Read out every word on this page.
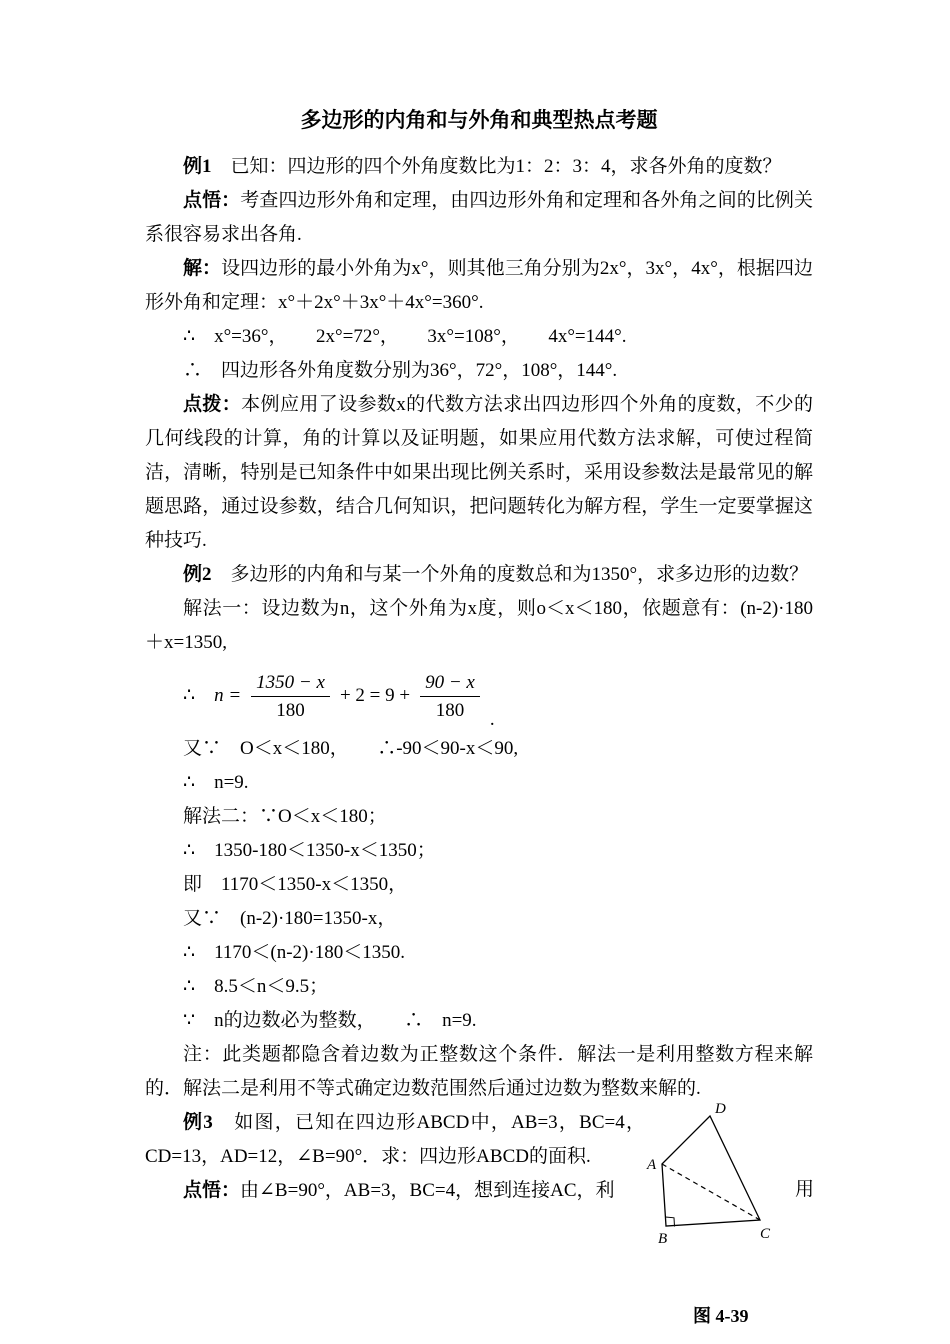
多边形的内角和与外角和典型热点考题

例1　已知：四边形的四个外角度数比为1：2：3：4，求各外角的度数？

点悟：考查四边形外角和定理，由四边形外角和定理和各外角之间的比例关系很容易求出各角.

解：设四边形的最小外角为x°，则其他三角分别为2x°，3x°，4x°，根据四边形外角和定理：x°＋2x°＋3x°＋4x°=360°.

∴　x°=36°，　　2x°=72°，　　3x°=108°，　　4x°=144°.

∴　四边形各外角度数分别为36°，72°，108°，144°.

点拨：本例应用了设参数x的代数方法求出四边形四个外角的度数，不少的几何线段的计算，角的计算以及证明题，如果应用代数方法求解，可使过程简洁，清晰，特别是已知条件中如果出现比例关系时，采用设参数法是最常见的解题思路，通过设参数，结合几何知识，把问题转化为解方程，学生一定要掌握这种技巧.

例2　多边形的内角和与某一个外角的度数总和为1350°，求多边形的边数？

解法一：设边数为n，这个外角为x度，则o＜x＜180，依题意有：(n-2)·180＋x=1350,

∴ $n = \frac{1350 - x}{180} + 2 = 9 + \frac{90 - x}{180}$ .

又∵　O＜x＜180，　　∴-90＜90-x＜90,

∴　n=9.

解法二：∵O＜x＜180；

∴　1350-180＜1350-x＜1350；

即　1170＜1350-x＜1350，

又∵　(n-2)·180=1350-x，

∴　1170＜(n-2)·180＜1350.

∴　8.5＜n＜9.5；

∵　n的边数必为整数，　　∴　n=9.

注：此类题都隐含着边数为正整数这个条件．解法一是利用整数方程来解的．解法二是利用不等式确定边数范围然后通过边数为整数来解的.

例3　如图，已知在四边形ABCD中，AB=3，BC=4，CD=13，AD=12，∠B=90°．求：四边形ABCD的面积.

点悟：由∠B=90°，AB=3，BC=4，想到连接AC，利	用
D
A
B	C
图 4-39
